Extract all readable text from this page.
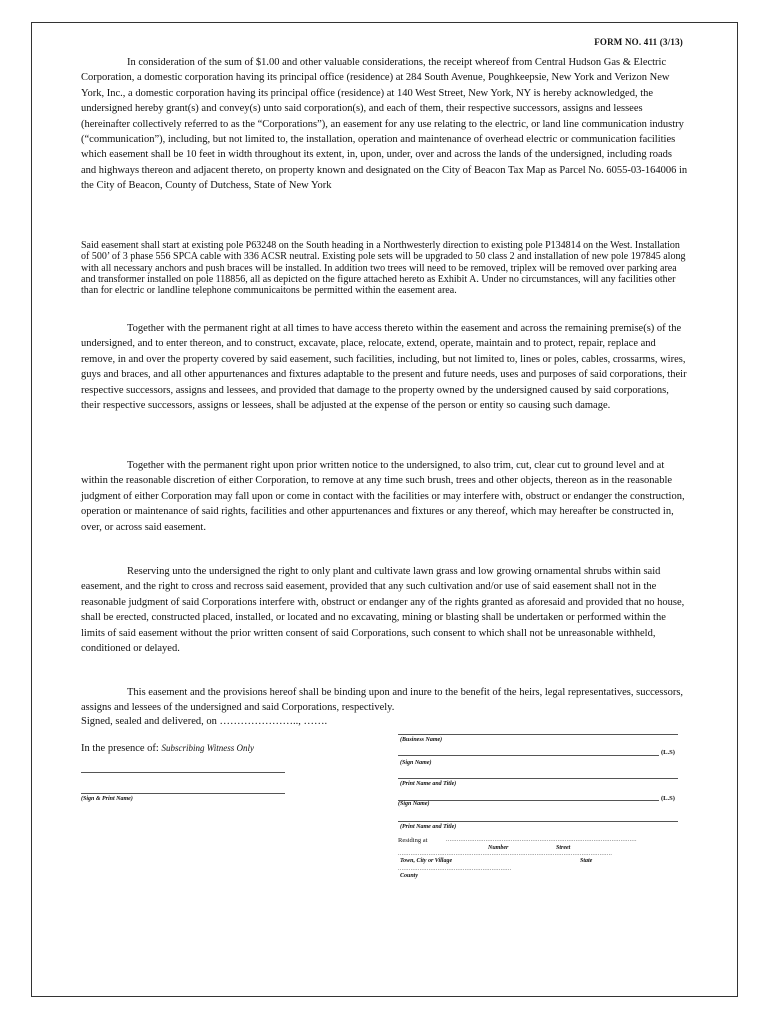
FORM NO. 411 (3/13)

In consideration of the sum of $1.00 and other valuable considerations, the receipt whereof from Central Hudson Gas & Electric Corporation, a domestic corporation having its principal office (residence) at 284 South Avenue, Poughkeepsie, New York and Verizon New York, Inc., a domestic corporation having its principal office (residence) at 140 West Street, New York, NY is hereby acknowledged, the undersigned hereby grant(s) and convey(s) unto said corporation(s), and each of them, their respective successors, assigns and lessees (hereinafter collectively referred to as the “Corporations”), an easement for any use relating to the electric, or land line communication industry (“communication”), including, but not limited to, the installation, operation and maintenance of overhead electric or communication facilities which easement shall be 10 feet in width throughout its extent, in, upon, under, over and across the lands of the undersigned, including roads and highways thereon and adjacent thereto, on property known and designated on the City of Beacon Tax Map as Parcel No. 6055-03-164006 in the City of Beacon, County of Dutchess, State of New York

Said easement shall start at existing pole P63248 on the South heading in a Northwesterly direction to existing pole P134814 on the West. Installation of 500’ of 3 phase 556 SPCA cable with 336 ACSR neutral. Existing pole sets will be upgraded to 50 class 2 and installation of new pole 197845 along with all necessary anchors and push braces will be installed. In addition two trees will need to be removed, triplex will be removed over parking area and transformer installed on pole 118856, all as depicted on the figure attached hereto as Exhibit A. Under no circumstances, will any facilities other than for electric or landline telephone communicaitons be permitted within the easement area.

Together with the permanent right at all times to have access thereto within the easement and across the remaining premise(s) of the undersigned, and to enter thereon, and to construct, excavate, place, relocate, extend, operate, maintain and to protect, repair, replace and remove, in and over the property covered by said easement, such facilities, including, but not limited to, lines or poles, cables, crossarms, wires, guys and braces, and all other appurtenances and fixtures adaptable to the present and future needs, uses and purposes of said corporations, their respective successors, assigns and lessees, and provided that damage to the property owned by the undersigned caused by said corporations, their respective successors, assigns or lessees, shall be adjusted at the expense of the person or entity so causing such damage.

Together with the permanent right upon prior written notice to the undersigned, to also trim, cut, clear cut to ground level and at within the reasonable discretion of either Corporation, to remove at any time such brush, trees and other objects, thereon as in the reasonable judgment of either Corporation may fall upon or come in contact with the facilities or may interfere with, obstruct or endanger the construction, operation or maintenance of said rights, facilities and other appurtenances and fixtures or any thereof, which may hereafter be constructed in, over, or across said easement.

Reserving unto the undersigned the right to only plant and cultivate lawn grass and low growing ornamental shrubs within said easement, and the right to cross and recross said easement, provided that any such cultivation and/or use of said easement shall not in the reasonable judgment of said Corporations interfere with, obstruct or endanger any of the rights granted as aforesaid and provided that no house, shall be erected, constructed placed, installed, or located and no excavating, mining or blasting shall be undertaken or performed within the limits of said easement without the prior written consent of said Corporations, such consent to which shall not be unreasonable withheld, conditioned or delayed.

This easement and the provisions hereof shall be binding upon and inure to the benefit of the heirs, legal representatives, successors, assigns and lessees of the undersigned and said Corporations, respectively.

Signed, sealed and delivered, on ………………….., …….
In the presence of: Subscribing Witness Only
(Sign & Print Name)
(Business Name)
(L.S)
(Sign Name)
(Print Name and Title)
(L.S)
(Sign Name)
(Print Name and Title)
Residing at	..........................................................................................................
Number	Street
.......................................................................................................................
Town, City or Village	State
...............................................................
County
